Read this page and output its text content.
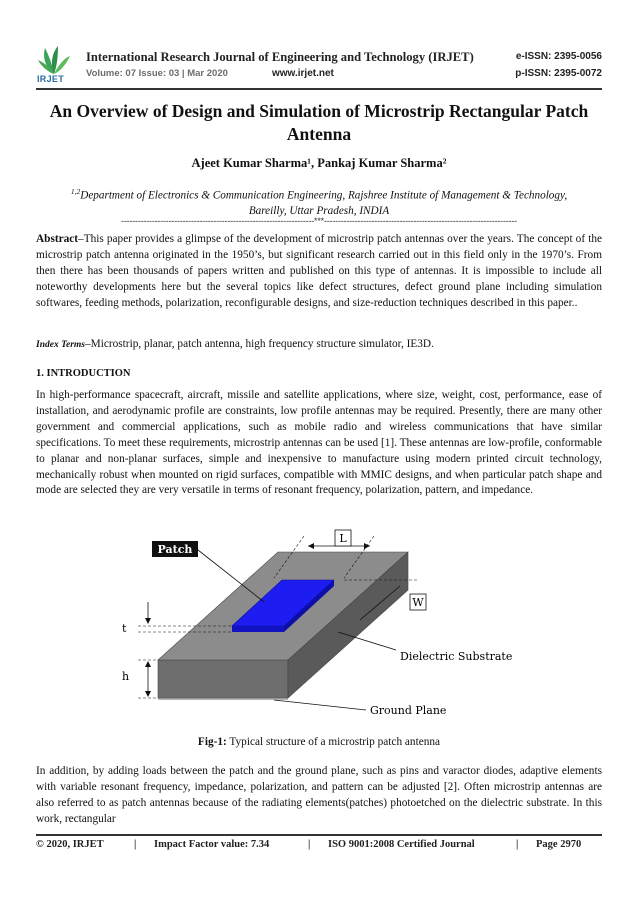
IRJET
International Research Journal of Engineering and Technology (IRJET)	e-ISSN: 2395-0056
Volume: 07 Issue: 03 | Mar 2020	www.irjet.net	p-ISSN: 2395-0072
An Overview of Design and Simulation of Microstrip Rectangular Patch Antenna
Ajeet Kumar Sharma¹, Pankaj Kumar Sharma²
$^{1,2}$Department of Electronics & Communication Engineering, Rajshree Institute of Management & Technology, Bareilly, Uttar Pradesh, INDIA
---------------------------------------------------------------------***---------------------------------------------------------------------
Abstract–This paper provides a glimpse of the development of microstrip patch antennas over the years. The concept of the microstrip patch antenna originated in the 1950’s, but significant research carried out in this field only in the 1970’s. From then there has been thousands of papers written and published on this type of antennas. It is impossible to include all noteworthy developments here but the several topics like defect structures, defect ground plane including simulation softwares, feeding methods, polarization, reconfigurable designs, and size-reduction techniques described in this paper..
Index Terms–Microstrip, planar, patch antenna, high frequency structure simulator, IE3D.
1. INTRODUCTION
In high-performance spacecraft, aircraft, missile and satellite applications, where size, weight, cost, performance, ease of installation, and aerodynamic profile are constraints, low profile antennas may be required. Presently, there are many other government and commercial applications, such as mobile radio and wireless communications that have similar specifications. To meet these requirements, microstrip antennas can be used [1]. These antennas are low-profile, conformable to planar and non-planar surfaces, simple and inexpensive to manufacture using modern printed circuit technology, mechanically robust when mounted on rigid surfaces, compatible with MMIC designs, and when particular patch shape and mode are selected they are very versatile in terms of resonant frequency, polarization, pattern, and impedance.
Patch
L
W
t
h
Dielectric Substrate
Ground Plane
Fig-1: Typical structure of a microstrip patch antenna
In addition, by adding loads between the patch and the ground plane, such as pins and varactor diodes, adaptive elements with variable resonant frequency, impedance, polarization, and pattern can be adjusted [2]. Often microstrip antennas are also referred to as patch antennas because of the radiating elements(patches) photoetched on the dielectric substrate. In this work, rectangular
© 2020, IRJET	| Impact Factor value: 7.34	| ISO 9001:2008 Certified Journal	| Page 2970
